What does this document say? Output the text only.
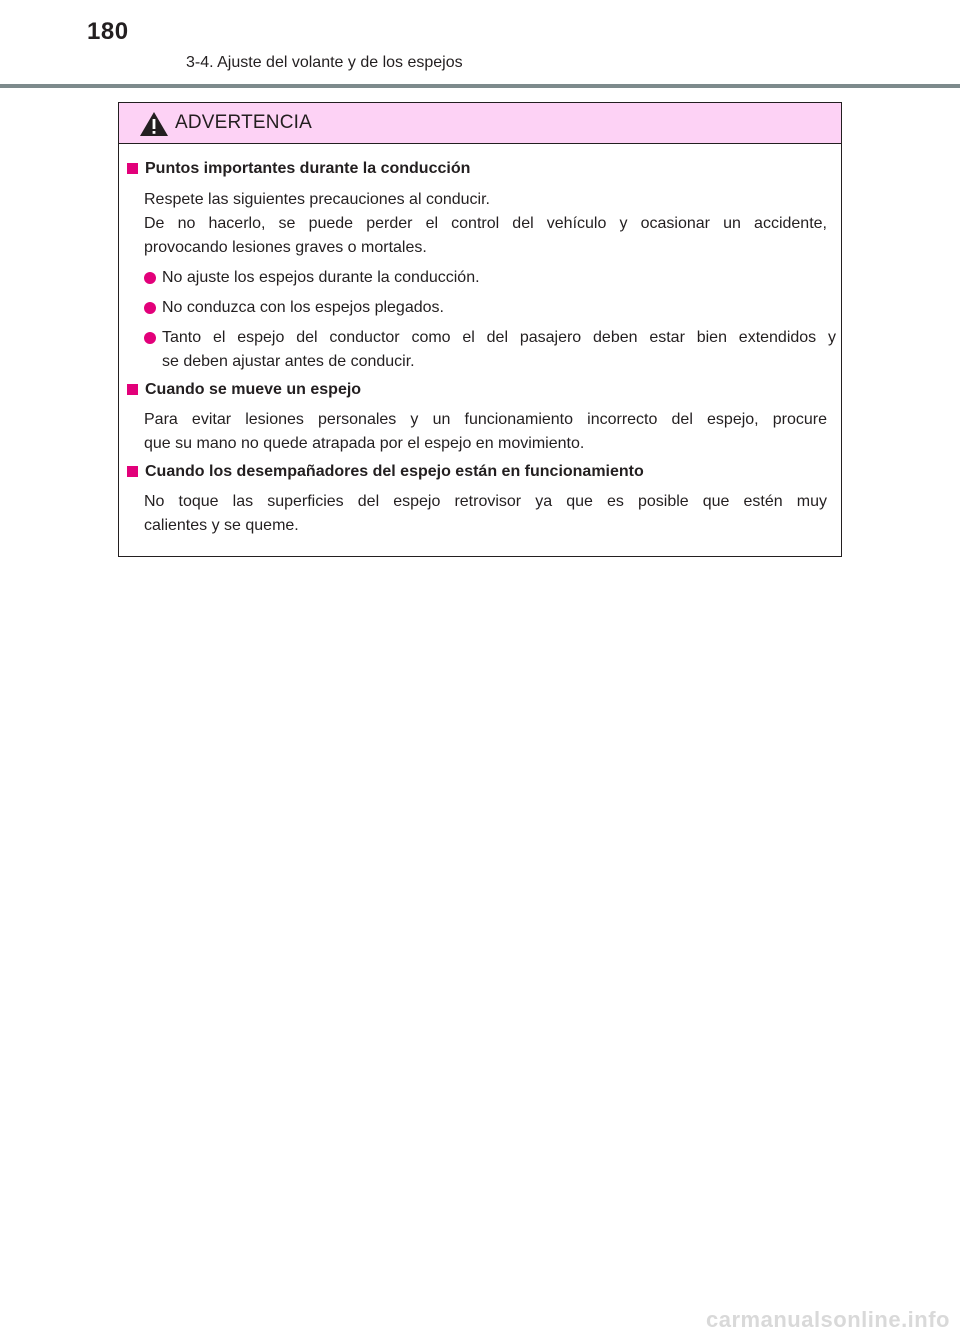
180
3-4. Ajuste del volante y de los espejos
ADVERTENCIA
Puntos importantes durante la conducción
Respete las siguientes precauciones al conducir.
De no hacerlo, se puede perder el control del vehículo y ocasionar un accidente,
provocando lesiones graves o mortales.
No ajuste los espejos durante la conducción.
No conduzca con los espejos plegados.
Tanto el espejo del conductor como el del pasajero deben estar bien extendidos y
se deben ajustar antes de conducir.
Cuando se mueve un espejo
Para evitar lesiones personales y un funcionamiento incorrecto del espejo, procure
que su mano no quede atrapada por el espejo en movimiento.
Cuando los desempañadores del espejo están en funcionamiento
No toque las superficies del espejo retrovisor ya que es posible que estén muy
calientes y se queme.
carmanualsonline.info
